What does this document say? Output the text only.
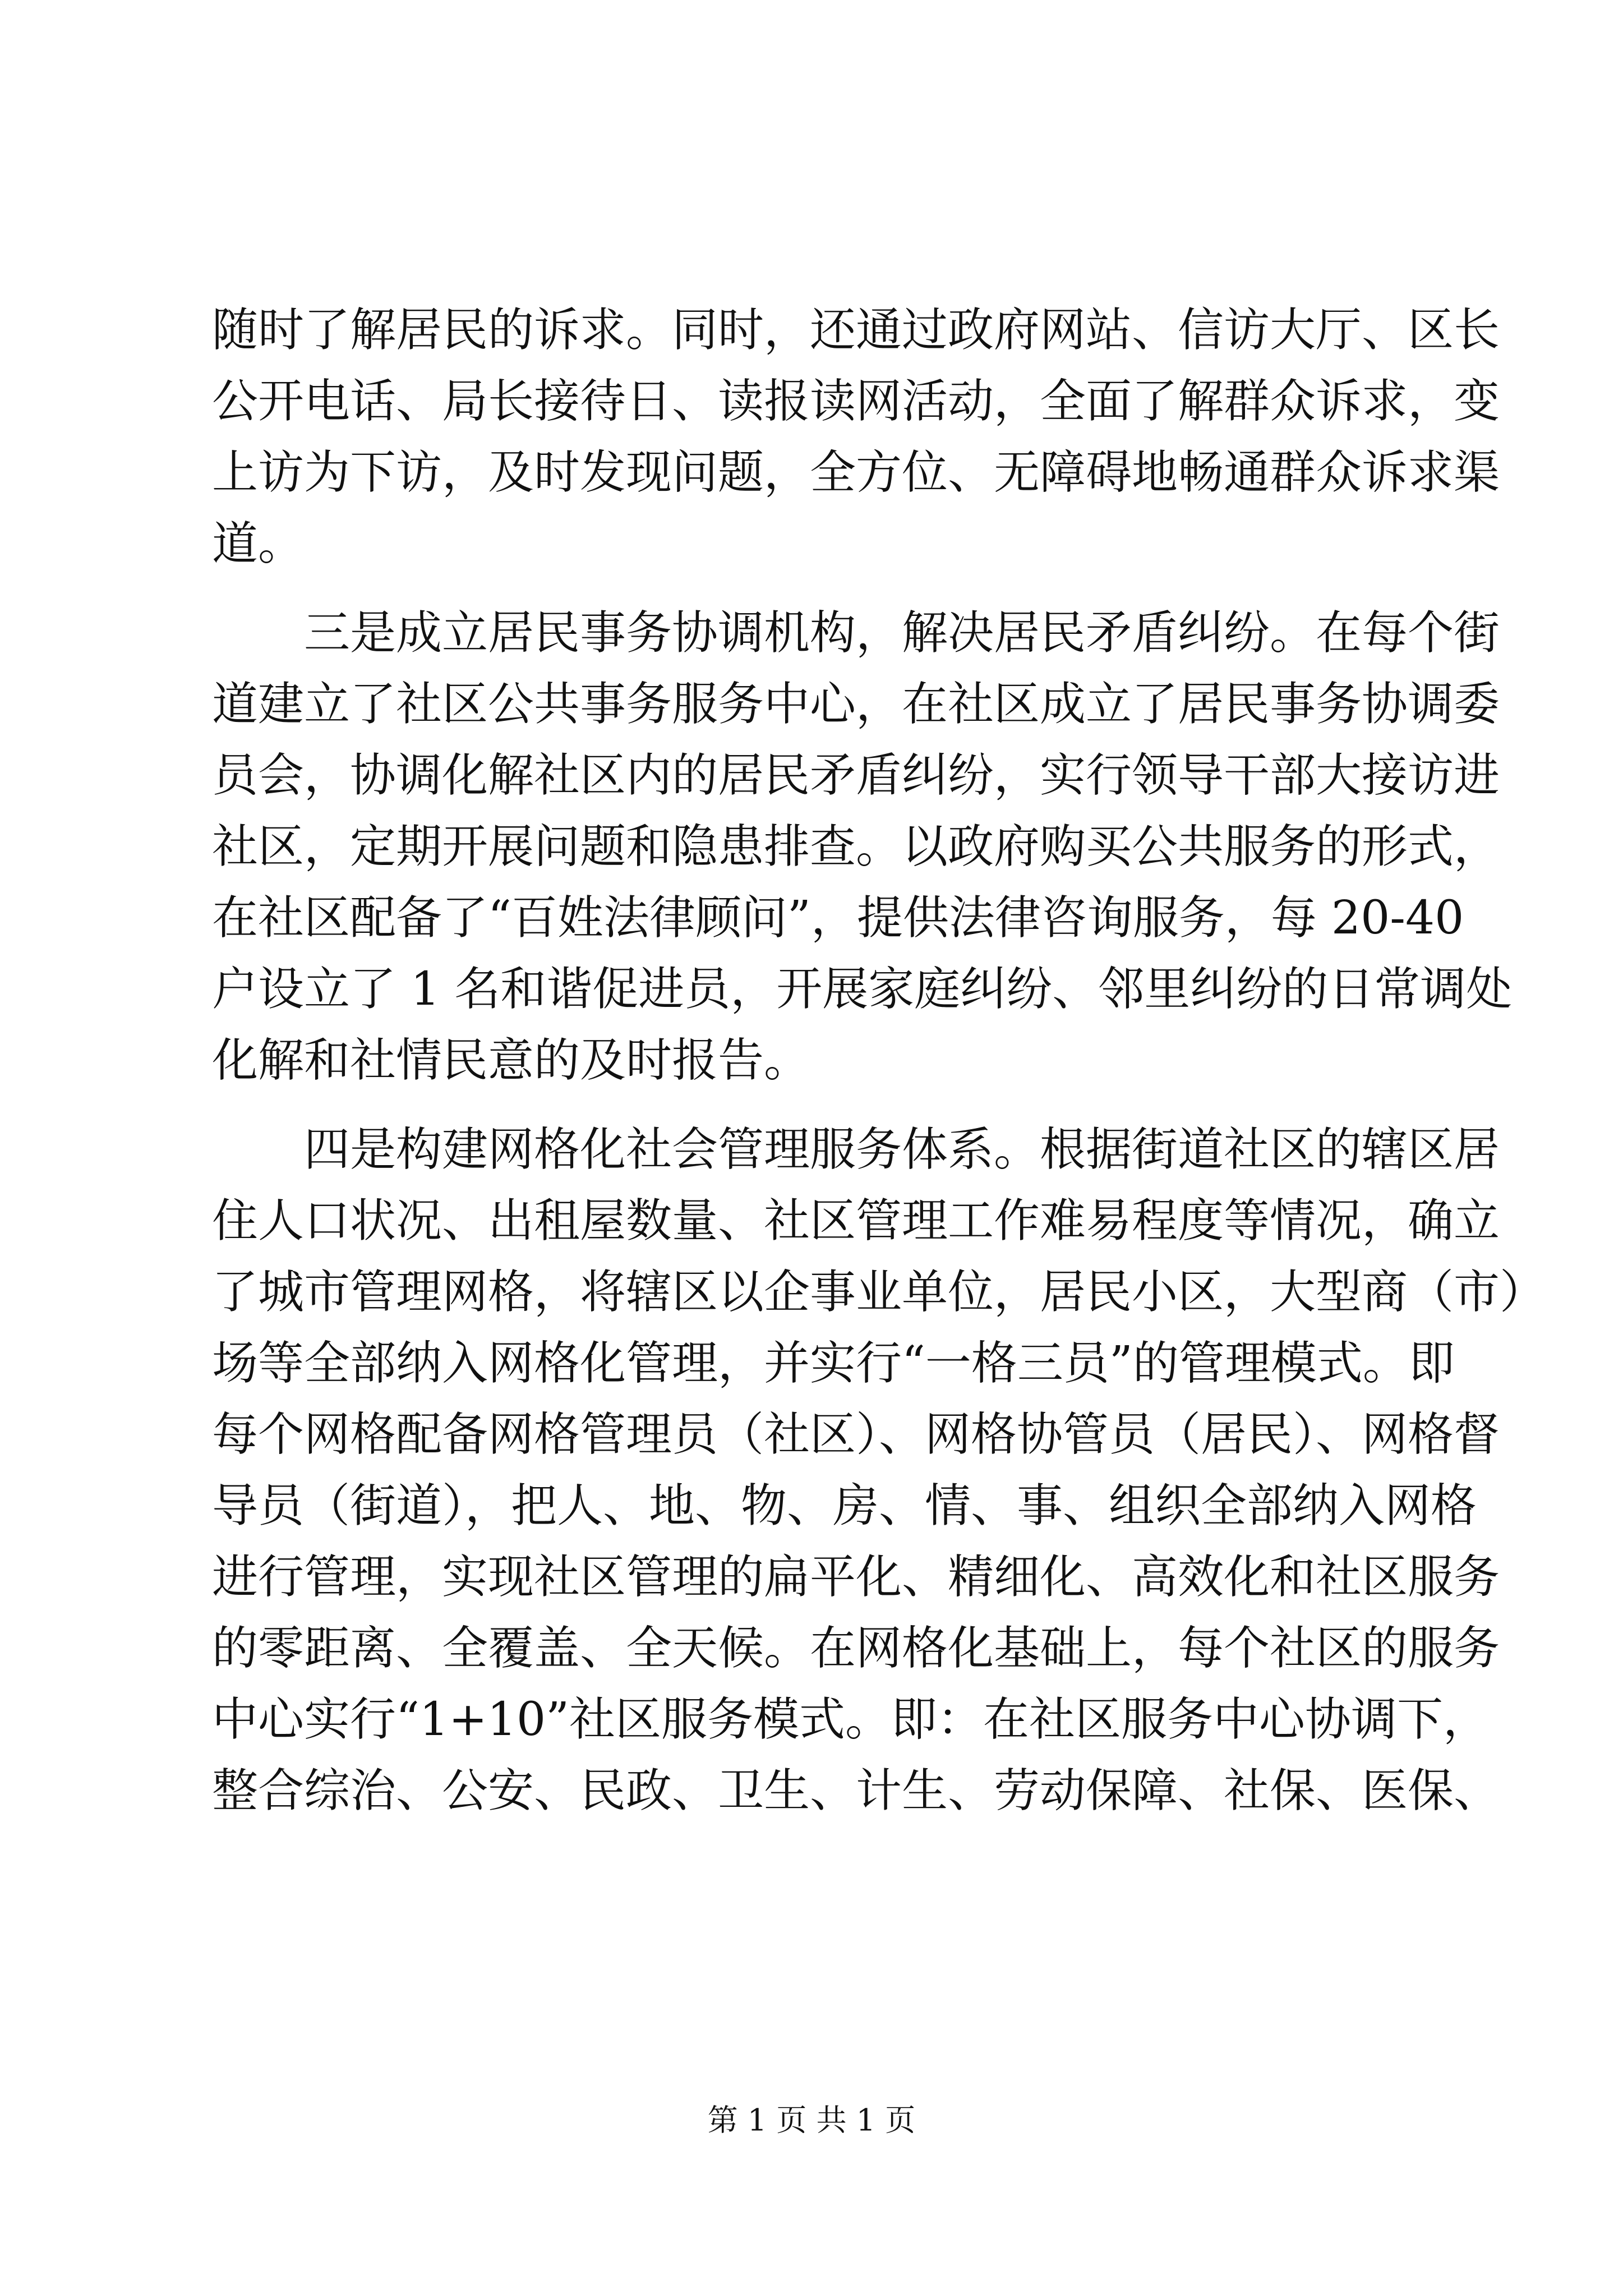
随时了解居民的诉求。同时，还通过政府网站、信访大厅、区长
公开电话、局长接待日、读报读网活动，全面了解群众诉求，变
上访为下访，及时发现问题，全方位、无障碍地畅通群众诉求渠
道。
三是成立居民事务协调机构，解决居民矛盾纠纷。在每个街
道建立了社区公共事务服务中心，在社区成立了居民事务协调委
员会，协调化解社区内的居民矛盾纠纷，实行领导干部大接访进
社区，定期开展问题和隐患排查。以政府购买公共服务的形式，
在社区配备了“百姓法律顾问”，提供法律咨询服务，每 20-40
户设立了 1 名和谐促进员，开展家庭纠纷、邻里纠纷的日常调处
化解和社情民意的及时报告。
四是构建网格化社会管理服务体系。根据街道社区的辖区居
住人口状况、出租屋数量、社区管理工作难易程度等情况，确立
了城市管理网格，将辖区以企事业单位，居民小区，大型商（市）
场等全部纳入网格化管理，并实行“一格三员”的管理模式。即
每个网格配备网格管理员（社区）、网格协管员（居民）、网格督
导员（街道），把人、地、物、房、情、事、组织全部纳入网格
进行管理，实现社区管理的扁平化、精细化、高效化和社区服务
的零距离、全覆盖、全天候。在网格化基础上，每个社区的服务
中心实行“1+10”社区服务模式。即：在社区服务中心协调下，
整合综治、公安、民政、卫生、计生、劳动保障、社保、医保、
第 1 页 共 1 页
